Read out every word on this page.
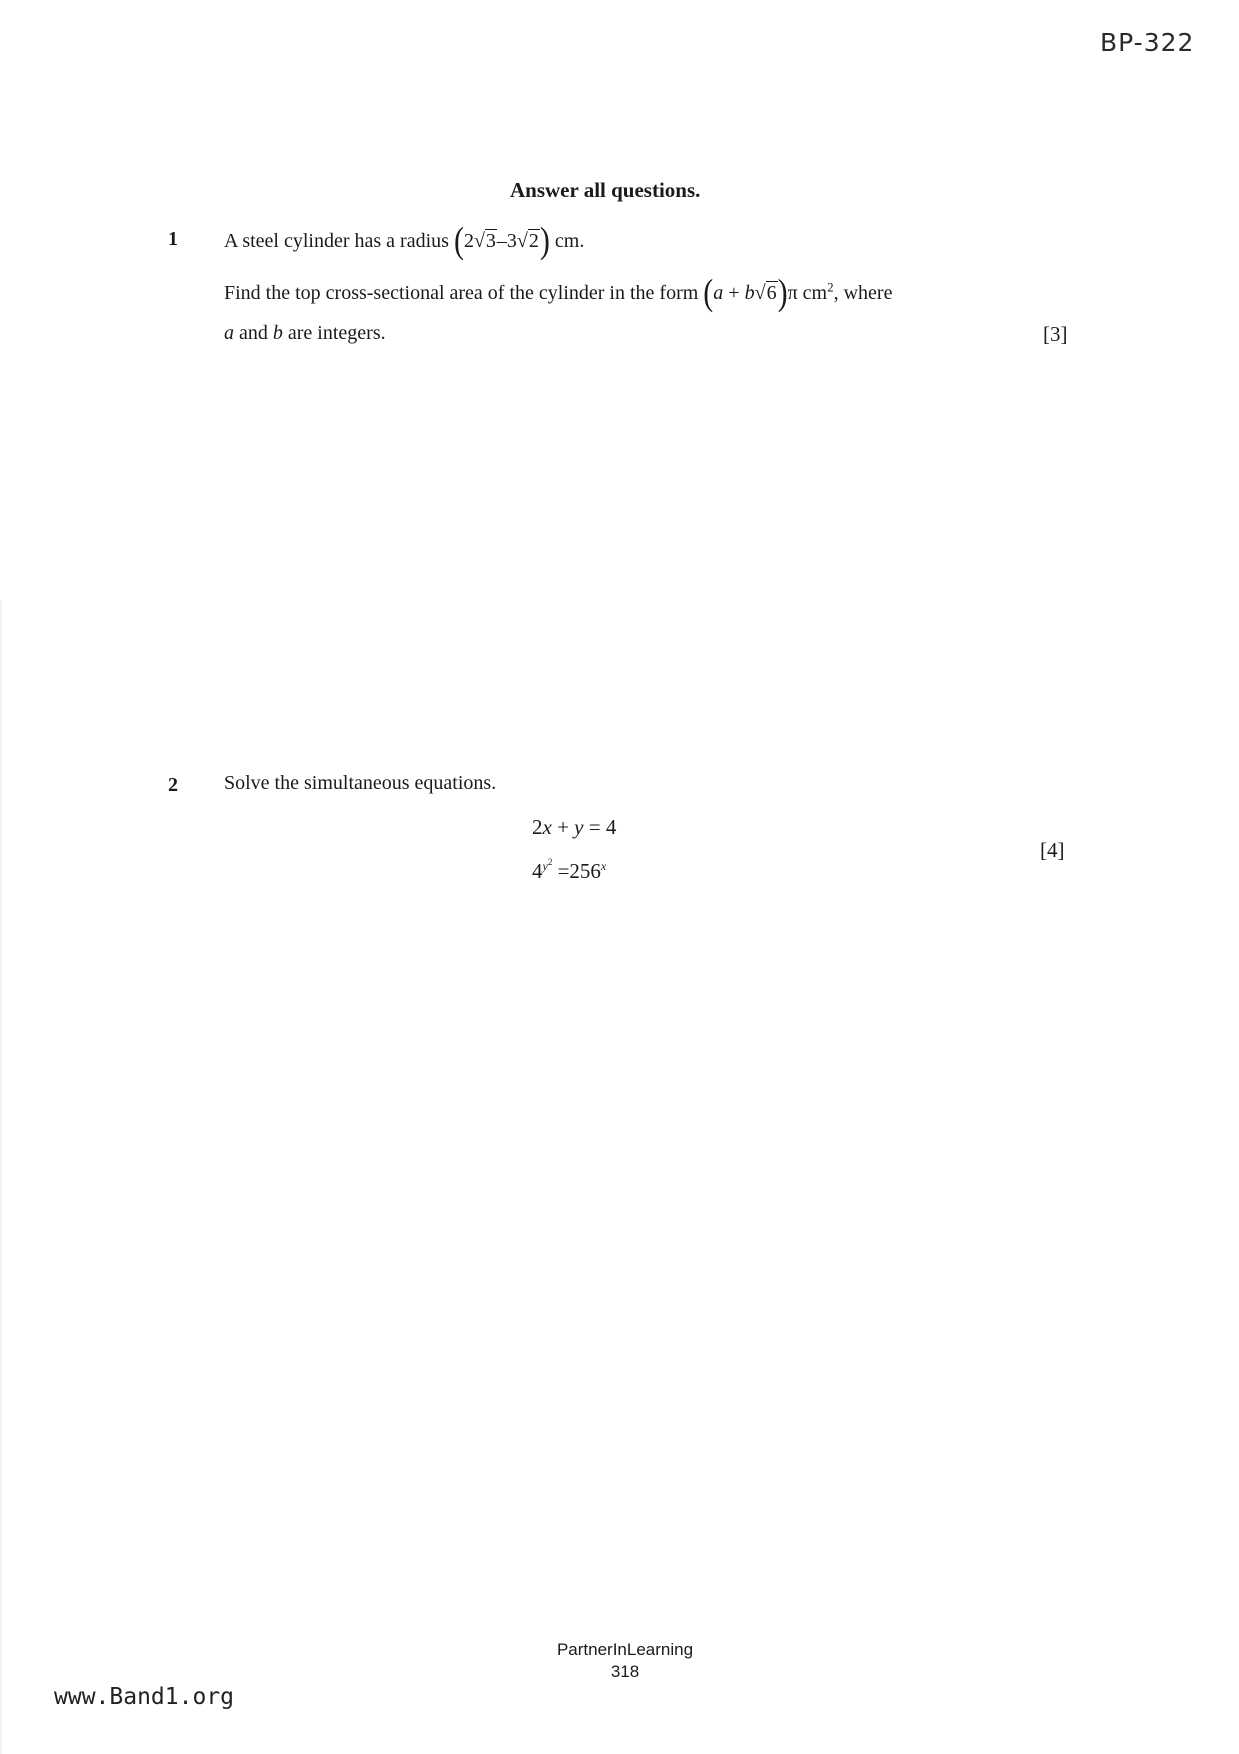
BP-322
Answer all questions.
1 A steel cylinder has a radius (2√3–3√2) cm.
Find the top cross-sectional area of the cylinder in the form (a + b√6)π $cm^2$, where
a and b are integers.	[3]
2 Solve the simultaneous equations.
2x + y = 4
$4^{y^2} =256^x$
[4]
PartnerInLearning
318
www.Band1.org
